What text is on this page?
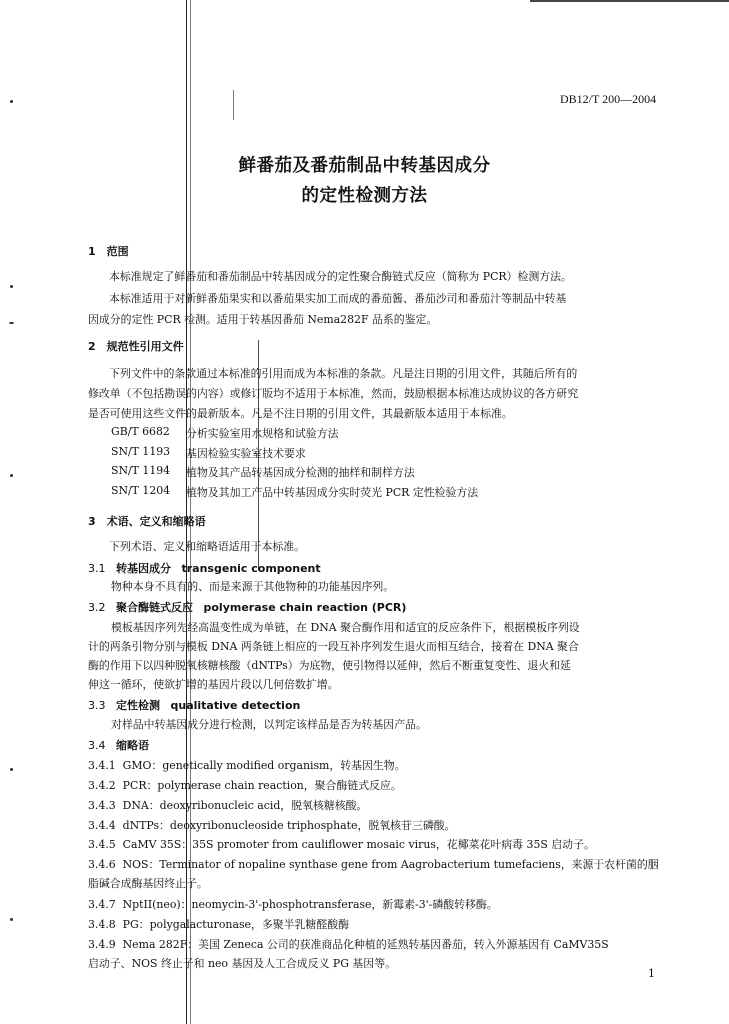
DB12/T 200—2004
鲜番茄及番茄制品中转基因成分
的定性检测方法
1　范围
本标准规定了鲜番茄和番茄制品中转基因成分的定性聚合酶链式反应（简称为 PCR）检测方法。
本标准适用于对新鲜番茄果实和以番茄果实加工而成的番茄酱、番茄沙司和番茄汁等制品中转基
因成分的定性 PCR 检测。适用于转基因番茄 Nema282F 品系的鉴定。
2　规范性引用文件
下列文件中的条款通过本标准的引用而成为本标准的条款。凡是注日期的引用文件，其随后所有的
修改单（不包括勘误的内容）或修订版均不适用于本标准，然而，鼓励根据本标准达成协议的各方研究
是否可使用这些文件的最新版本。凡是不注日期的引用文件，其最新版本适用于本标准。
GB/T 6682 分析实验室用水规格和试验方法
SN/T 1193 基因检验实验室技术要求
SN/T 1194 植物及其产品转基因成分检测的抽样和制样方法
SN/T 1204 植物及其加工产品中转基因成分实时荧光 PCR 定性检验方法
3　术语、定义和缩略语
下列术语、定义和缩略语适用于本标准。
3.1 转基因成分 transgenic component
物种本身不具有的、而是来源于其他物种的功能基因序列。
3.2 聚合酶链式反应 polymerase chain reaction (PCR)
模板基因序列先经高温变性成为单链，在 DNA 聚合酶作用和适宜的反应条件下，根据模板序列设
计的两条引物分别与模板 DNA 两条链上相应的一段互补序列发生退火而相互结合，接着在 DNA 聚合
酶的作用下以四种脱氧核糖核酸（dNTPs）为底物，使引物得以延伸，然后不断重复变性、退火和延
伸这一循环，使欲扩增的基因片段以几何倍数扩增。
3.3 定性检测 qualitative detection
对样品中转基因成分进行检测，以判定该样品是否为转基因产品。
3.4 缩略语
3.4.1 GMO：genetically modified organism，转基因生物。
3.4.2 PCR：polymerase chain reaction，聚合酶链式反应。
3.4.3 DNA：deoxyribonucleic acid，脱氧核糖核酸。
3.4.4 dNTPs：deoxyribonucleoside triphosphate，脱氧核苷三磷酸。
3.4.5 CaMV 35S：35S promoter from cauliflower mosaic virus，花椰菜花叶病毒 35S 启动子。
3.4.6 NOS：Terminator of nopaline synthase gene from Aagrobacterium tumefaciens，来源于农杆菌的胭
脂碱合成酶基因终止子。
3.4.7 NptII(neo)：neomycin-3'-phosphotransferase，新霉素-3'-磷酸转移酶。
3.4.8 PG：polygalacturonase，多聚半乳糖醛酸酶
3.4.9 Nema 282F：美国 Zeneca 公司的获准商品化种植的延熟转基因番茄，转入外源基因有 CaMV35S
启动子、NOS 终止子和 neo 基因及人工合成反义 PG 基因等。
1
